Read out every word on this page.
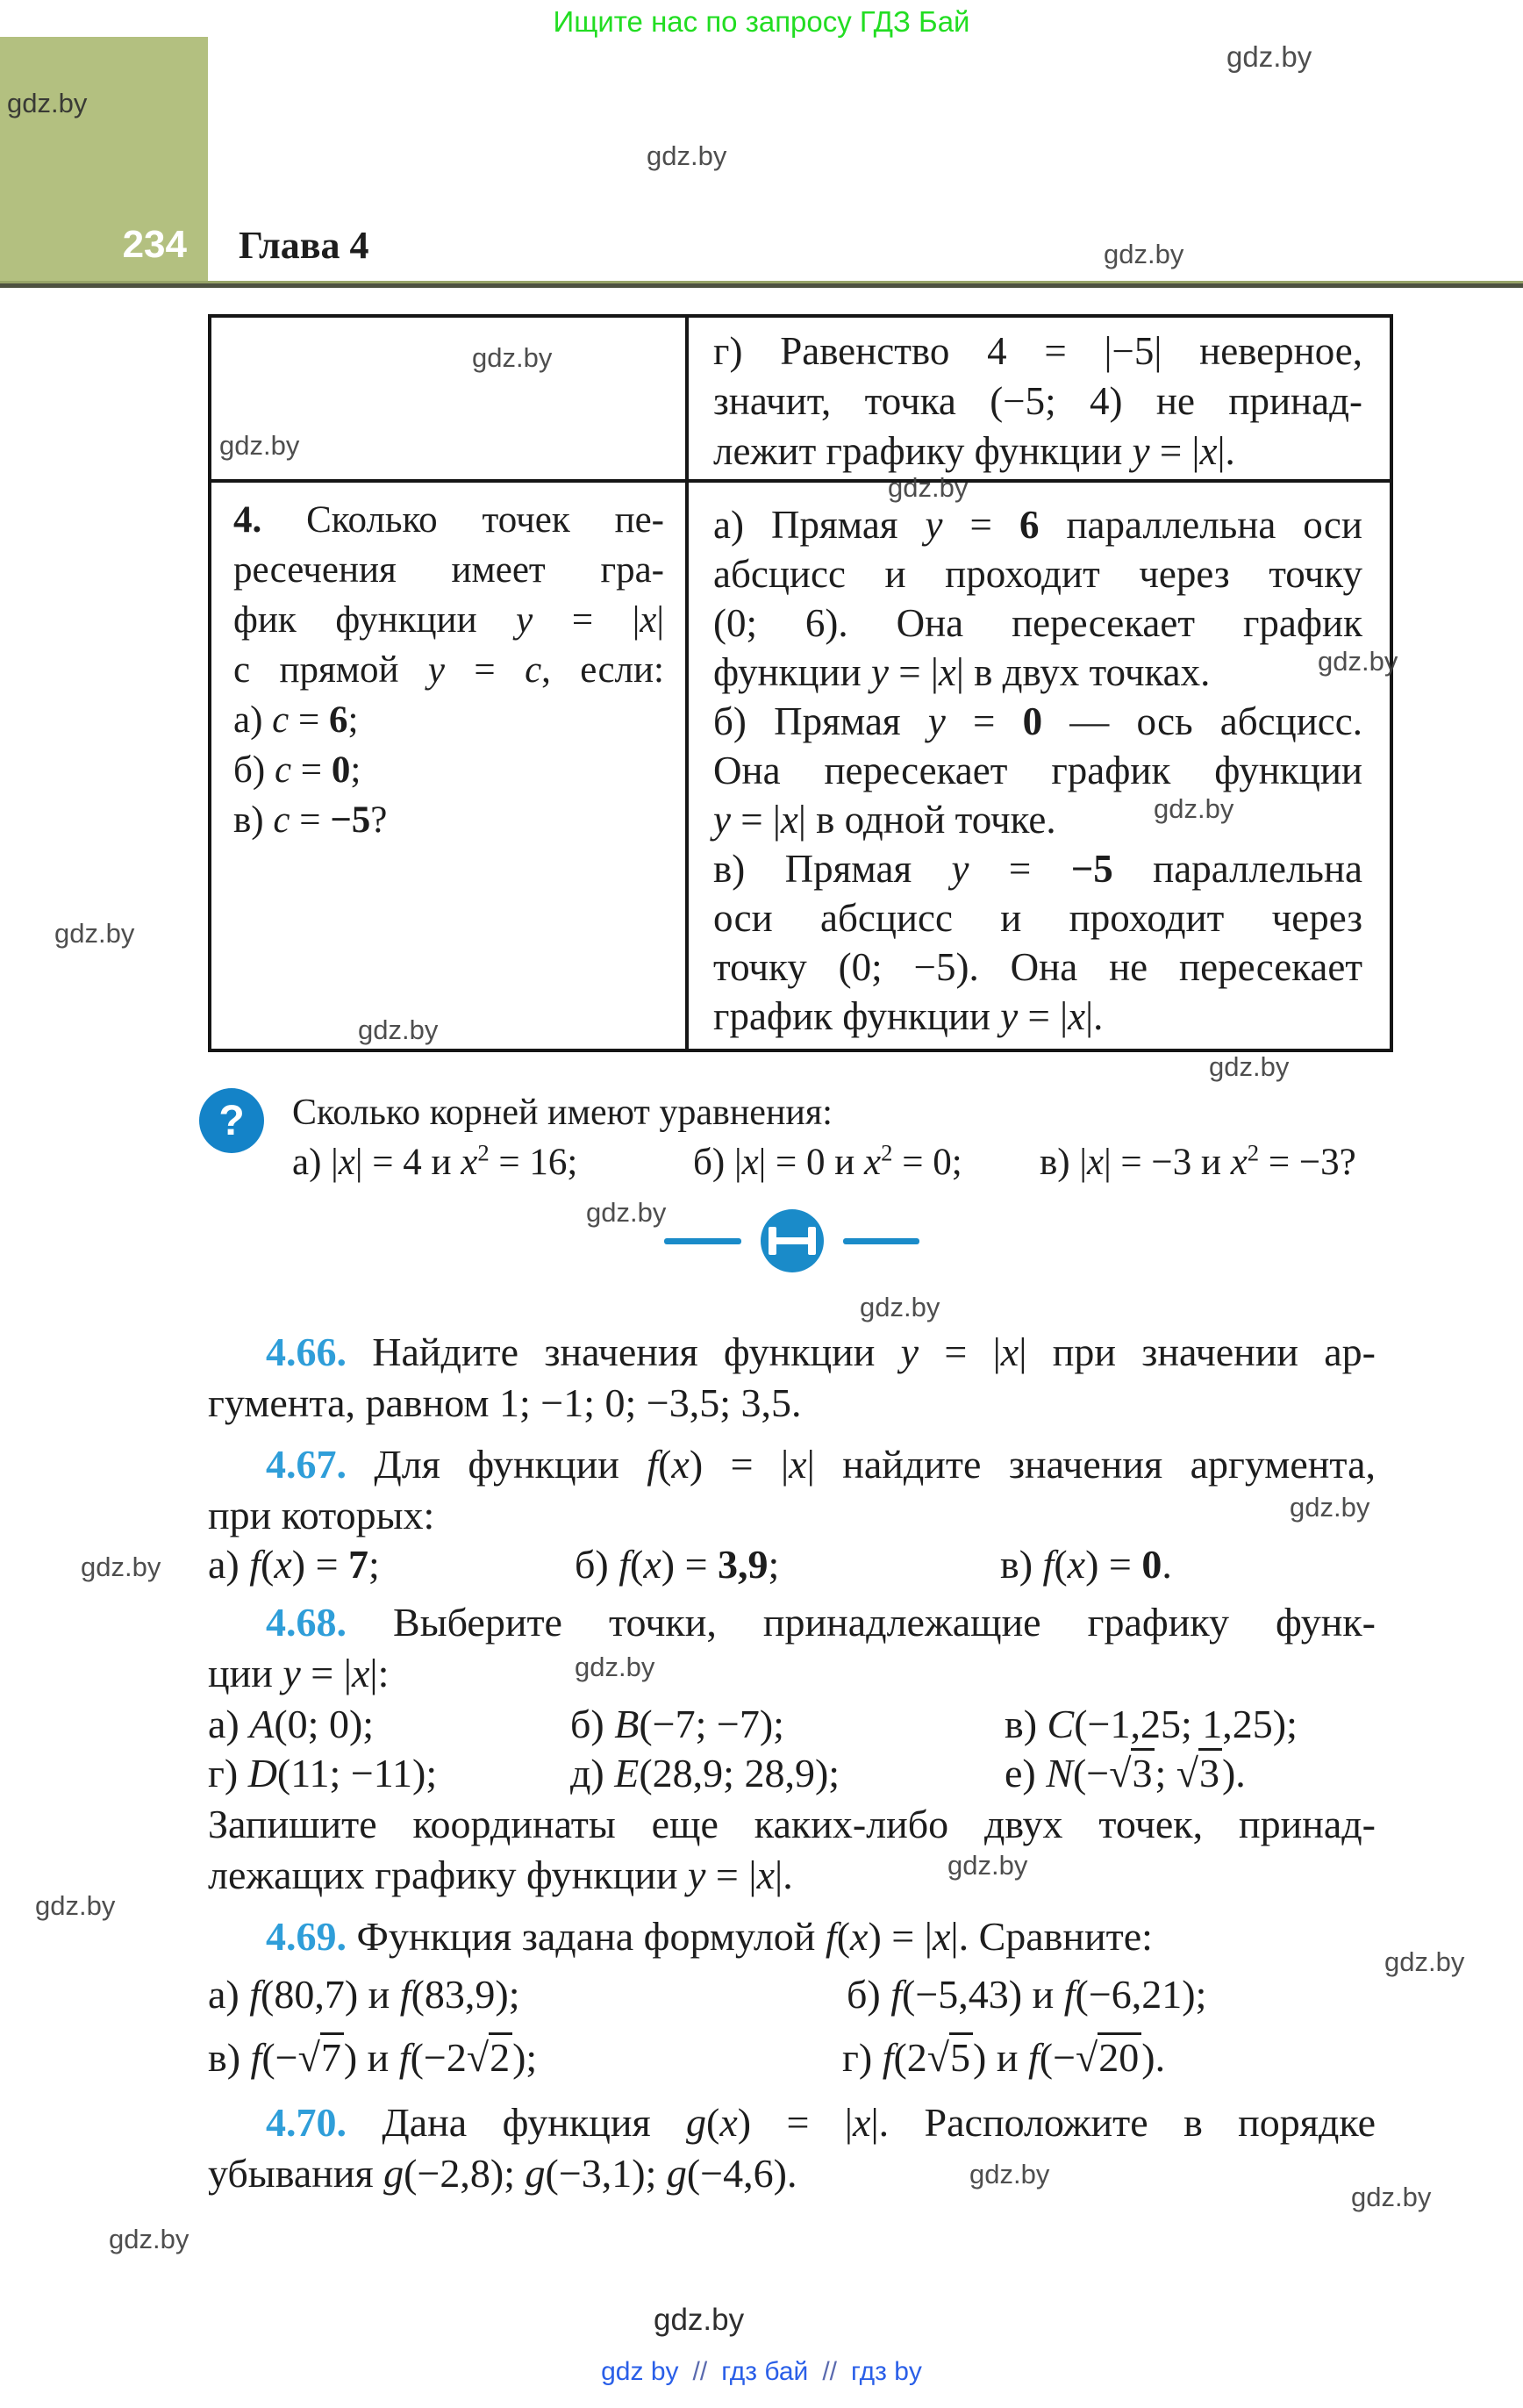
Ищите нас по запросу ГДЗ Бай
234 Глава 4
?
4. Сколько точек пе-
ресечения имеет гра-
фик функции y = |x|
с прямой y = c, если:
а) c = 6;
б) c = 0;
в) c = −5?
г) Равенство 4 = |−5| неверное,
значит, точка (−5; 4) не принад-
лежит графику функции y = |x|.
а) Прямая y = 6 параллельна оси
абсцисс и проходит через точку
(0; 6). Она пересекает график
функции y = |x| в двух точках.
б) Прямая y = 0 — ось абсцисс.
Она пересекает график функции
y = |x| в одной точке.
в) Прямая y = −5 параллельна
оси абсцисс и проходит через
точку (0; −5). Она не пересекает
график функции y = |x|.
Сколько корней имеют уравнения:
а) |x| = 4 и $x^2 = 16$;	б) |x| = 0 и $x^2 = 0$; в) |x| = −3 и $x^2 = -3$?
4.66. Найдите значения функции y = |x| при значении ар-
гумента, равном 1; −1; 0; −3,5; 3,5.
4.67. Для функции f(x) = |x| найдите значения аргумента,
при которых:
а) f(x) = 7;	б) f(x) = 3,9;	в) f(x) = 0.
4.68. Выберите точки, принадлежащие графику функ-
ции y = |x|:
а) A(0; 0);	б) B(−7; −7);	в) C(−1,25; 1,25);
г) D(11; −11);	д) E(28,9; 28,9);	е) N(−√3; √3).
Запишите координаты еще каких-либо двух точек, принад-
лежащих графику функции y = |x|.
4.69. Функция задана формулой f(x) = |x|. Сравните:
а) f(80,7) и f(83,9);	б) f(−5,43) и f(−6,21);
в) f(−√7) и f(−2√2);	г) f(2√5) и f(−√20).
4.70. Дана функция g(x) = |x|. Расположите в порядке
убывания g(−2,8); g(−3,1); g(−4,6).
gdz.by
gdz.by
gdz.by
gdz.by
gdz.by
gdz.by
gdz.by
gdz.by
gdz.by
gdz.by
gdz.by
gdz.by
gdz.by
gdz.by
gdz.by
gdz.by
gdz.by
gdz.by
gdz.by
gdz.by
gdz.by
gdz.by
gdz.by
gdz.by
gdz by // гдз бай // гдз by
